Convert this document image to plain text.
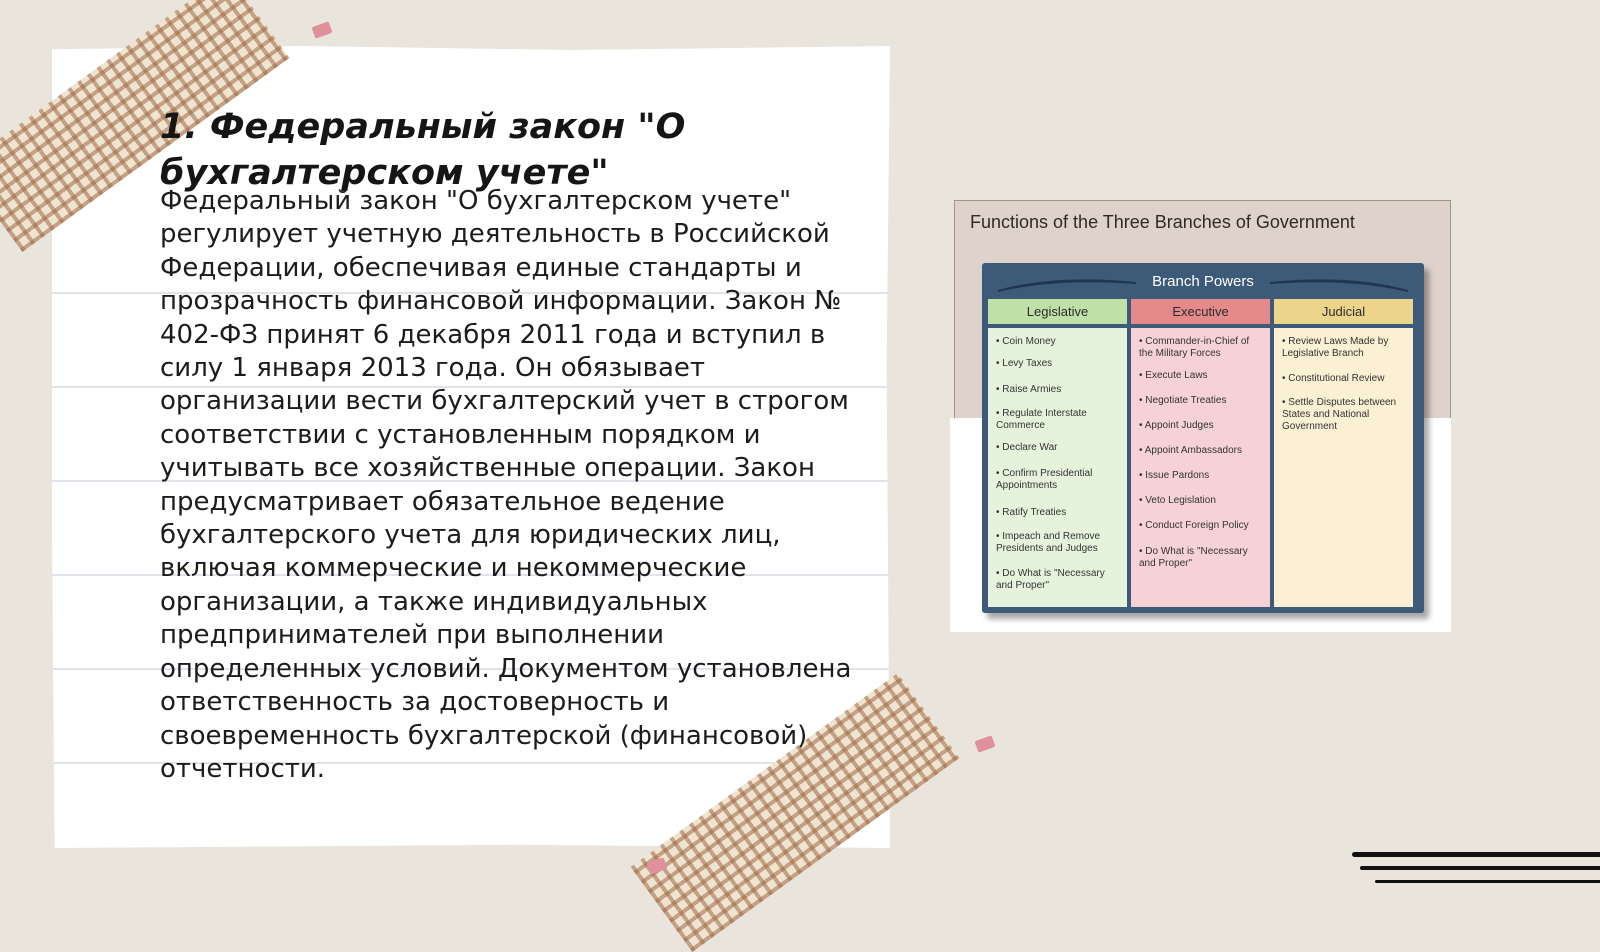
1. Федеральный закон "О бухгалтерском учете"

Федеральный закон "О бухгалтерском учете" регулирует учетную деятельность в Российской Федерации, обеспечивая единые стандарты и прозрачность финансовой информации. Закон № 402-ФЗ принят 6 декабря 2011 года и вступил в силу 1 января 2013 года. Он обязывает организации вести бухгалтерский учет в строгом соответствии с установленным порядком и учитывать все хозяйственные операции. Закон предусматривает обязательное ведение бухгалтерского учета для юридических лиц, включая коммерческие и некоммерческие организации, а также индивидуальных предпринимателей при выполнении определенных условий. Документом установлена ответственность за достоверность и своевременность бухгалтерской (финансовой) отчетности.

Functions of the Three Branches of Government
Branch Powers
Legislative
• Coin Money
• Levy Taxes
• Raise Armies
• Regulate Interstate Commerce
• Declare War
• Confirm Presidential Appointments
• Ratify Treaties
• Impeach and Remove Presidents and Judges
• Do What is "Necessary and Proper"
Executive
• Commander-in-Chief of the Military Forces
• Execute Laws
• Negotiate Treaties
• Appoint Judges
• Appoint Ambassadors
• Issue Pardons
• Veto Legislation
• Conduct Foreign Policy
• Do What is "Necessary and Proper"
Judicial
• Review Laws Made by Legislative Branch
• Constitutional Review
• Settle Disputes between States and National Government
